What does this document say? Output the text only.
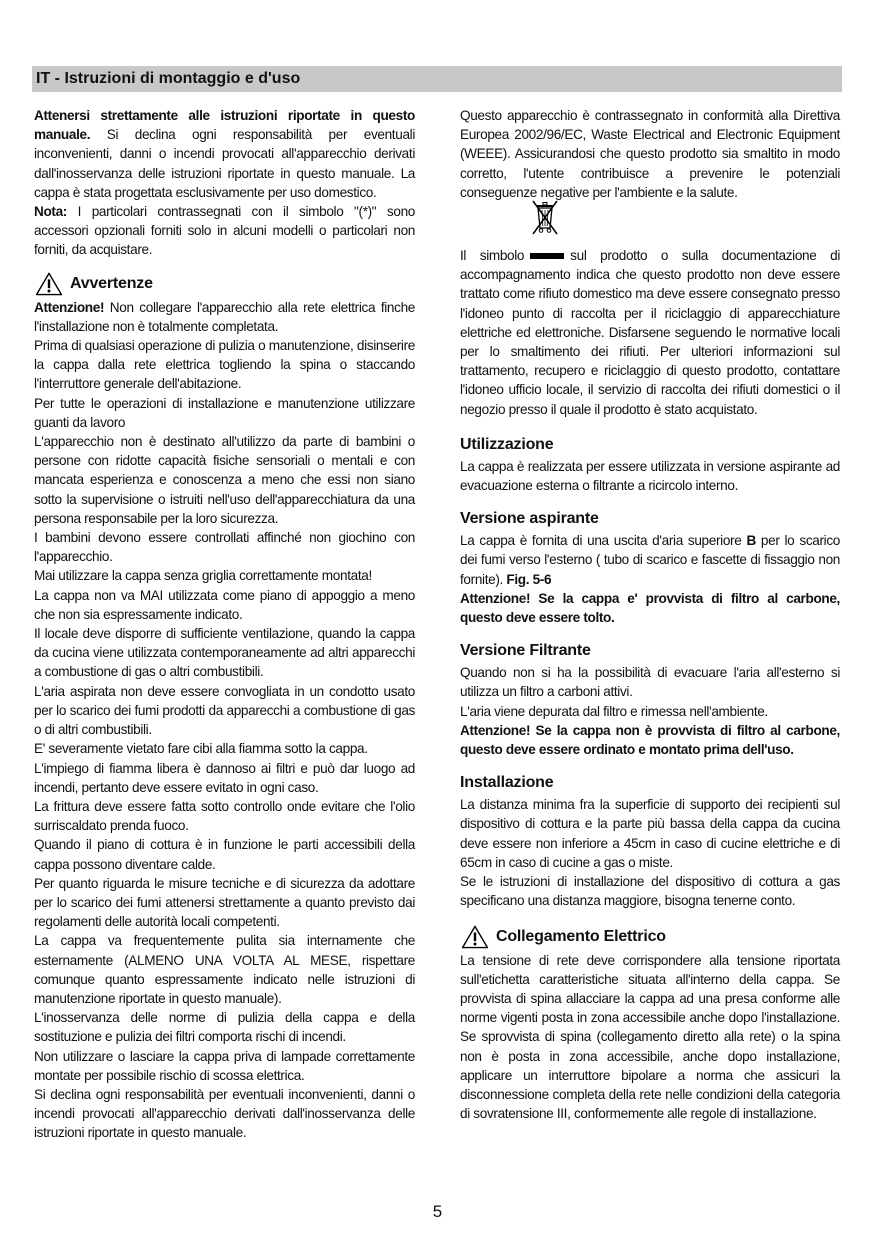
IT - Istruzioni di montaggio e d'uso

Attenersi strettamente alle istruzioni riportate in questo manuale. Si declina ogni responsabilità per eventuali inconvenienti, danni o incendi provocati all'apparecchio derivati dall'inosservanza delle istruzioni riportate in questo manuale. La cappa è stata progettata esclusivamente per uso domestico.

Nota: I particolari contrassegnati con il simbolo "(*)" sono accessori opzionali forniti solo in alcuni modelli o particolari non forniti, da acquistare.

Avvertenze

Attenzione! Non collegare l'apparecchio alla rete elettrica finche l'installazione non è totalmente completata.

Prima di qualsiasi operazione di pulizia o manutenzione, disinserire la cappa dalla rete elettrica togliendo la spina o staccando l'interruttore generale dell'abitazione.

Per tutte le operazioni di installazione e manutenzione utilizzare guanti da lavoro

L'apparecchio non è destinato all'utilizzo da parte di bambini o persone con ridotte capacità fisiche sensoriali o mentali e con mancata esperienza e conoscenza a meno che essi non siano sotto la supervisione o istruiti nell'uso dell'apparecchiatura da una persona responsabile per la loro sicurezza.

I bambini devono essere controllati affinché non giochino con l'apparecchio.

Mai utilizzare la cappa senza griglia correttamente montata!

La cappa non va MAI utilizzata come piano di appoggio a meno che non sia espressamente indicato.

Il locale deve disporre di sufficiente ventilazione, quando la cappa da cucina viene utilizzata contemporaneamente ad altri apparecchi a combustione di gas o altri combustibili.

L'aria aspirata non deve essere convogliata in un condotto usato per lo scarico dei fumi prodotti da apparecchi a combustione di gas o di altri combustibili.

E' severamente vietato fare cibi alla fiamma sotto la cappa.

L'impiego di fiamma libera è dannoso ai filtri e può dar luogo ad incendi, pertanto deve essere evitato in ogni caso.

La frittura deve essere fatta sotto controllo onde evitare che l'olio surriscaldato prenda fuoco.

Quando il piano di cottura è in funzione le parti accessibili della cappa possono diventare calde.

Per quanto riguarda le misure tecniche e di sicurezza da adottare per lo scarico dei fumi attenersi strettamente a quanto previsto dai regolamenti delle autorità locali competenti.

La cappa va frequentemente pulita sia internamente che esternamente (ALMENO UNA VOLTA AL MESE, rispettare comunque quanto espressamente indicato nelle istruzioni di manutenzione riportate in questo manuale).

L'inosservanza delle norme di pulizia della cappa e della sostituzione e pulizia dei filtri comporta rischi di incendi.

Non utilizzare o lasciare la cappa priva di lampade correttamente montate per possibile rischio di scossa elettrica.

Si declina ogni responsabilità per eventuali inconvenienti, danni o incendi provocati all'apparecchio derivati dall'inosservanza delle istruzioni riportate in questo manuale.

Questo apparecchio è contrassegnato in conformità alla Direttiva Europea 2002/96/EC, Waste Electrical and Electronic Equipment (WEEE). Assicurandosi che questo prodotto sia smaltito in modo corretto, l'utente contribuisce a prevenire le potenziali conseguenze negative per l'ambiente e la salute.

Il simbolo	sul prodotto o sulla documentazione di accompagnamento indica che questo prodotto non deve essere trattato come rifiuto domestico ma deve essere consegnato presso l'idoneo punto di raccolta per il riciclaggio di apparecchiature elettriche ed elettroniche. Disfarsene seguendo le normative locali per lo smaltimento dei rifiuti. Per ulteriori informazioni sul trattamento, recupero e riciclaggio di questo prodotto, contattare l'idoneo ufficio locale, il servizio di raccolta dei rifiuti domestici o il negozio presso il quale il prodotto è stato acquistato.

Utilizzazione

La cappa è realizzata per essere utilizzata in versione aspirante ad evacuazione esterna o filtrante a ricircolo interno.

Versione aspirante

La cappa è fornita di una uscita d'aria superiore B per lo scarico dei fumi verso l'esterno ( tubo di scarico e fascette di fissaggio non fornite). Fig. 5-6

Attenzione! Se la cappa e' provvista di filtro al carbone, questo deve essere tolto.

Versione Filtrante

Quando non si ha la possibilità di evacuare l'aria all'esterno si utilizza un filtro a carboni attivi.

L'aria viene depurata dal filtro e rimessa nell'ambiente.

Attenzione! Se la cappa non è provvista di filtro al carbone, questo deve essere ordinato e montato prima dell'uso.

Installazione

La distanza minima fra la superficie di supporto dei recipienti sul dispositivo di cottura e la parte più bassa della cappa da cucina deve essere non inferiore a 45cm in caso di cucine elettriche e di 65cm in caso di cucine a gas o miste.

Se le istruzioni di installazione del dispositivo di cottura a gas specificano una distanza maggiore, bisogna tenerne conto.

Collegamento Elettrico

La tensione di rete deve corrispondere alla tensione riportata sull'etichetta caratteristiche situata all'interno della cappa. Se provvista di spina allacciare la cappa ad una presa conforme alle norme vigenti posta in zona accessibile anche dopo l'installazione. Se sprovvista di spina (collegamento diretto alla rete) o la spina non è posta in zona accessibile, anche dopo installazione, applicare un interruttore bipolare a norma che assicuri la disconnessione completa della rete nelle condizioni della categoria di sovratensione III, conformemente alle regole di installazione.

5
